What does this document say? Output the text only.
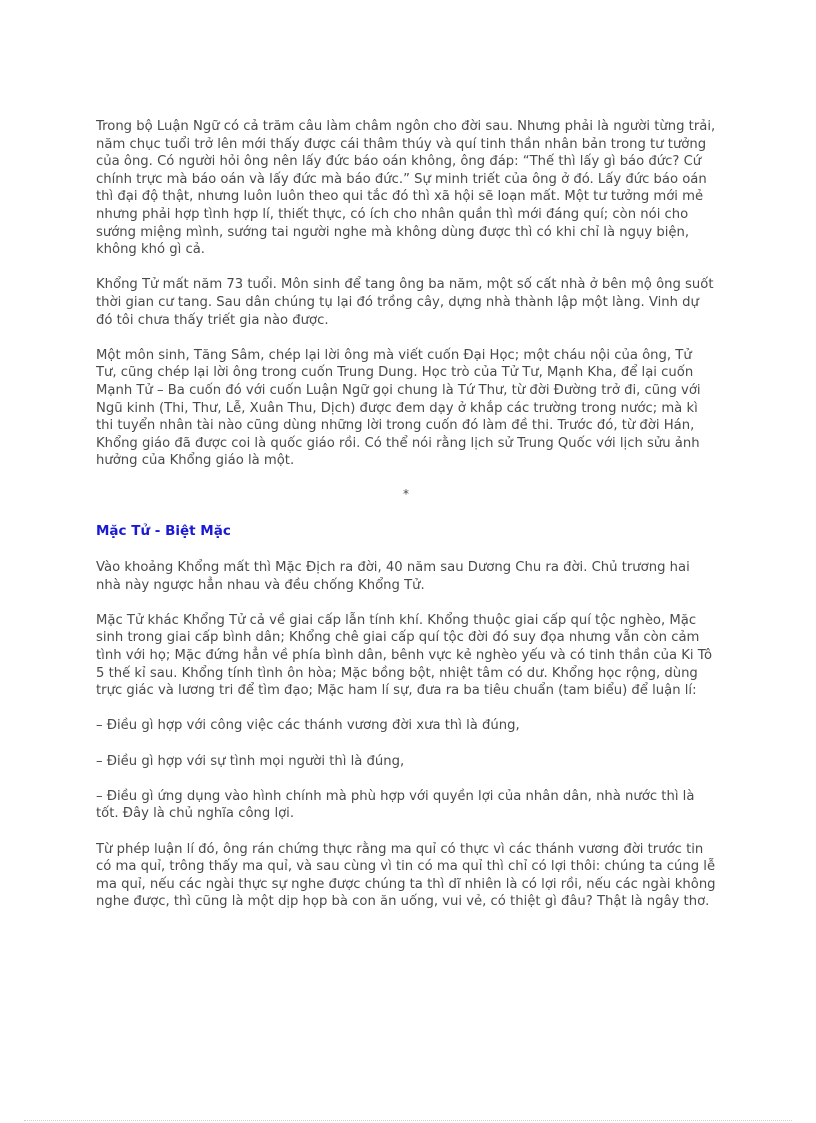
Trong bộ Luận Ngữ có cả trăm câu làm châm ngôn cho đời sau. Nhưng phải là người từng trải, năm chục tuổi trở lên mới thấy được cái thâm thúy và quí tinh thần nhân bản trong tư tưởng của ông. Có người hỏi ông nên lấy đức báo oán không, ông đáp: “Thế thì lấy gì báo đức? Cứ chính trực mà báo oán và lấy đức mà báo đức.” Sự minh triết của ông ở đó. Lấy đức báo oán thì đại độ thật, nhưng luôn luôn theo qui tắc đó thì xã hội sẽ loạn mất. Một tư tưởng mới mẻ nhưng phải hợp tình hợp lí, thiết thực, có ích cho nhân quần thì mới đáng quí; còn nói cho sướng miệng mình, sướng tai người nghe mà không dùng được thì có khi chỉ là ngụy biện, không khó gì cả.

Khổng Tử mất năm 73 tuổi. Môn sinh để tang ông ba năm, một số cất nhà ở bên mộ ông suốt thời gian cư tang. Sau dân chúng tụ lại đó trồng cây, dựng nhà thành lập một làng. Vinh dự đó tôi chưa thấy triết gia nào được.

Một môn sinh, Tăng Sâm, chép lại lời ông mà viết cuốn Đại Học; một cháu nội của ông, Tử Tư, cũng chép lại lời ông trong cuốn Trung Dung. Học trò của Tử Tư, Mạnh Kha, để lại cuốn Mạnh Tử – Ba cuốn đó với cuốn Luận Ngữ gọi chung là Tứ Thư, từ đời Đường trở đi, cũng với Ngũ kinh (Thi, Thư, Lễ, Xuân Thu, Dịch) được đem dạy ở khắp các trường trong nước; mà kì thi tuyển nhân tài nào cũng dùng những lời trong cuốn đó làm đề thi. Trước đó, từ đời Hán, Khổng giáo đã được coi là quốc giáo rồi. Có thể nói rằng lịch sử Trung Quốc với lịch sửu ảnh hưởng của Khổng giáo là một.

*
Mặc Tử - Biệt Mặc

Vào khoảng Khổng mất thì Mặc Địch ra đời, 40 năm sau Dương Chu ra đời. Chủ trương hai nhà này ngược hẳn nhau và đều chống Khổng Tử.

Mặc Tử khác Khổng Tử cả về giai cấp lẫn tính khí. Khổng thuộc giai cấp quí tộc nghèo, Mặc sinh trong giai cấp bình dân; Khổng chê giai cấp quí tộc đời đó suy đọa nhưng vẫn còn cảm tình với họ; Mặc đứng hẳn về phía bình dân, bênh vực kẻ nghèo yếu và có tinh thần của Ki Tô 5 thế kỉ sau. Khổng tính tình ôn hòa; Mặc bồng bột, nhiệt tâm có dư. Khổng học rộng, dùng trực giác và lương tri để tìm đạo; Mặc ham lí sự, đưa ra ba tiêu chuẩn (tam biểu) để luận lí:

– Điều gì hợp với công việc các thánh vương đời xưa thì là đúng,

– Điều gì hợp với sự tình mọi người thì là đúng,

– Điều gì ứng dụng vào hình chính mà phù hợp với quyền lợi của nhân dân, nhà nước thì là tốt. Đây là chủ nghĩa công lợi.

Từ phép luận lí đó, ông rán chứng thực rằng ma quỉ có thực vì các thánh vương đời trước tin có ma quỉ, trông thấy ma quỉ, và sau cùng vì tin có ma quỉ thì chỉ có lợi thôi: chúng ta cúng lễ ma quỉ, nếu các ngài thực sự nghe được chúng ta thì dĩ nhiên là có lợi rồi, nếu các ngài không nghe được, thì cũng là một dịp họp bà con ăn uống, vui vẻ, có thiệt gì đâu? Thật là ngây thơ.
